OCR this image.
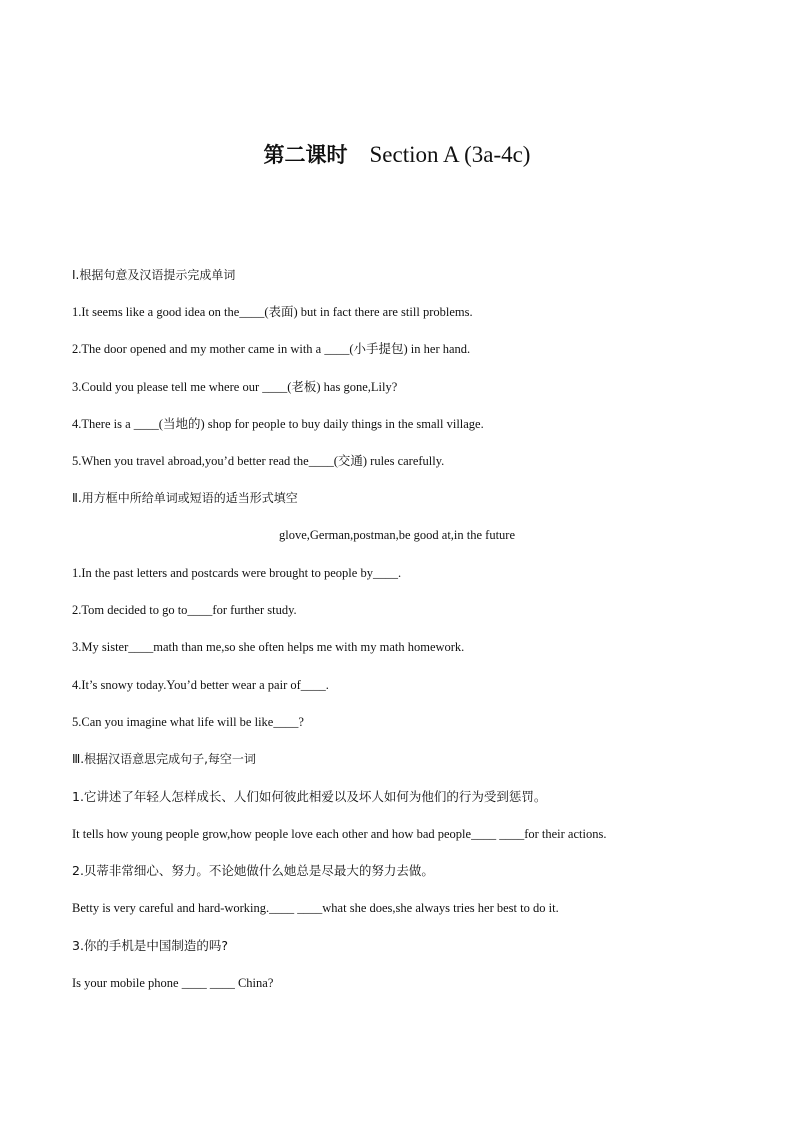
第二课时 Section A (3a-4c)
Ⅰ.根据句意及汉语提示完成单词
1.It seems like a good idea on the____(表面) but in fact there are still problems.
2.The door opened and my mother came in with a ____(小手提包) in her hand.
3.Could you please tell me where our ____(老板) has gone,Lily?
4.There is a ____(当地的) shop for people to buy daily things in the small village.
5.When you travel abroad,you’d better read the____(交通) rules carefully.
Ⅱ.用方框中所给单词或短语的适当形式填空
glove,German,postman,be good at,in the future
1.In the past letters and postcards were brought to people by____.
2.Tom decided to go to____for further study.
3.My sister____math than me,so she often helps me with my math homework.
4.It’s snowy today.You’d better wear a pair of____.
5.Can you imagine what life will be like____?
Ⅲ.根据汉语意思完成句子,每空一词
1.它讲述了年轻人怎样成长、人们如何彼此相爱以及坏人如何为他们的行为受到惩罚。
It tells how young people grow,how people love each other and how bad people____ ____for their actions.
2.贝蒂非常细心、努力。不论她做什么她总是尽最大的努力去做。
Betty is very careful and hard-working.____ ____what she does,she always tries her best to do it.
3.你的手机是中国制造的吗?
Is your mobile phone ____ ____ China?
